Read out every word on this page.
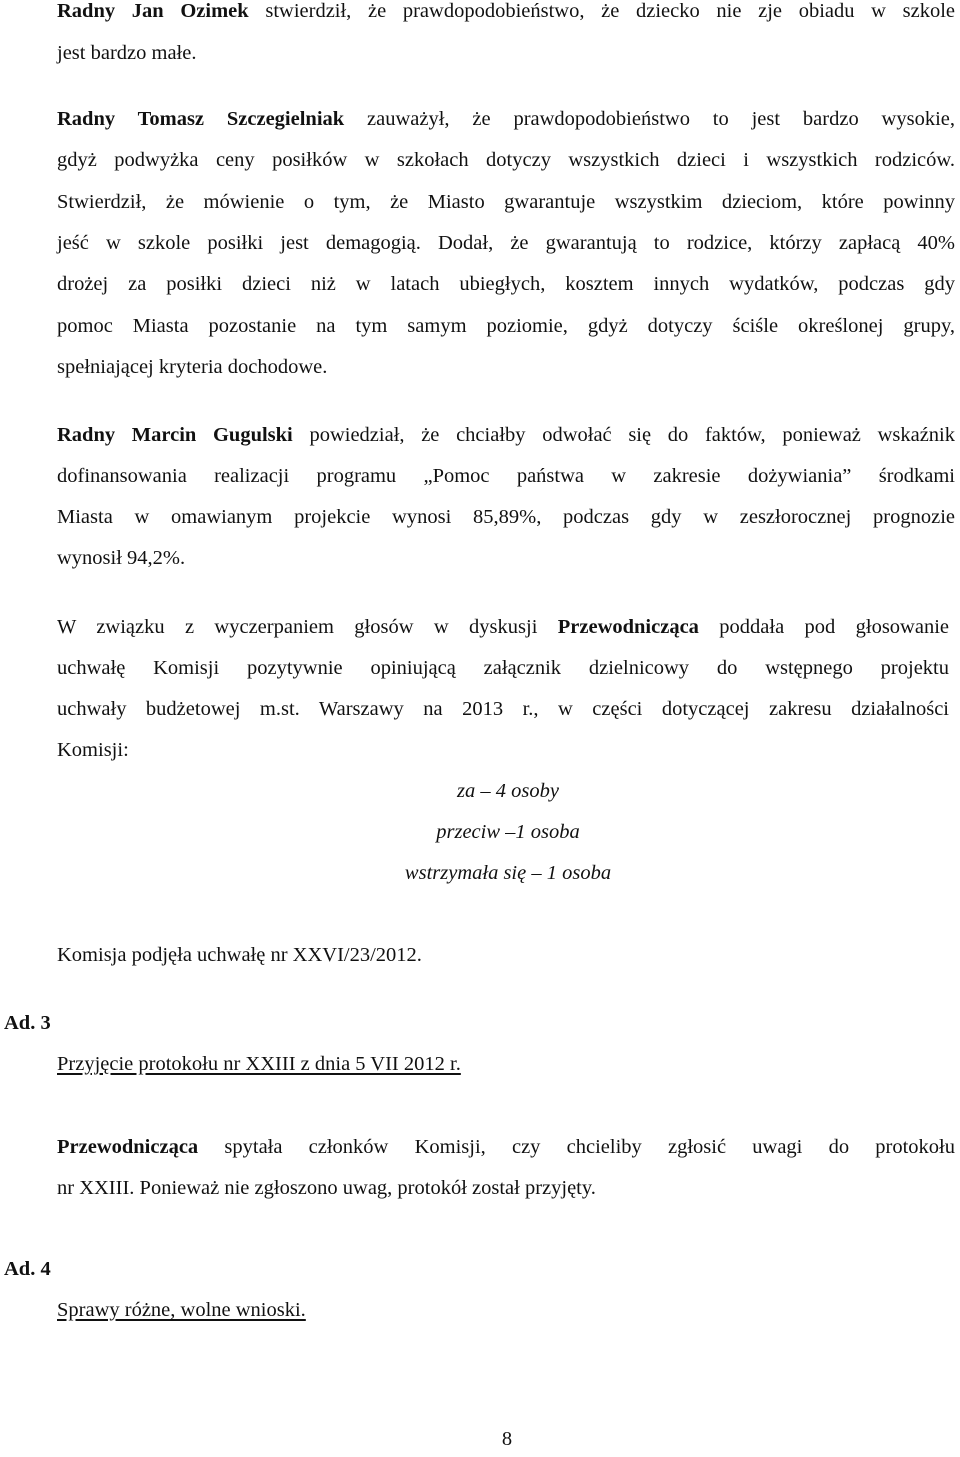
Radny Jan Ozimek stwierdził, że prawdopodobieństwo, że dziecko nie zje obiadu w szkole
jest bardzo małe.
Radny Tomasz Szczegielniak zauważył, że prawdopodobieństwo to jest bardzo wysokie,
gdyż podwyżka ceny posiłków w szkołach dotyczy wszystkich dzieci i wszystkich rodziców.
Stwierdził, że mówienie o tym, że Miasto gwarantuje wszystkim dzieciom, które powinny
jeść w szkole posiłki jest demagogią. Dodał, że gwarantują to rodzice, którzy zapłacą 40%
drożej za posiłki dzieci niż w latach ubiegłych, kosztem innych wydatków, podczas gdy
pomoc Miasta pozostanie na tym samym poziomie, gdyż dotyczy ściśle określonej grupy,
spełniającej kryteria dochodowe.
Radny Marcin Gugulski powiedział, że chciałby odwołać się do faktów, ponieważ wskaźnik
dofinansowania realizacji programu „Pomoc państwa w zakresie dożywiania” środkami
Miasta w omawianym projekcie wynosi 85,89%, podczas gdy w zeszłorocznej prognozie
wynosił 94,2%.
W związku z wyczerpaniem głosów w dyskusji Przewodnicząca poddała pod głosowanie
uchwałę Komisji pozytywnie opiniującą załącznik dzielnicowy do wstępnego projektu
uchwały budżetowej m.st. Warszawy na 2013 r., w części dotyczącej zakresu działalności
Komisji:
za – 4 osoby
przeciw –1 osoba
wstrzymała się – 1 osoba
Komisja podjęła uchwałę nr XXVI/23/2012.
Ad. 3
Przyjęcie protokołu nr XXIII z dnia 5 VII 2012 r.
Przewodnicząca spytała członków Komisji, czy chcieliby zgłosić uwagi do protokołu
nr XXIII. Ponieważ nie zgłoszono uwag, protokół został przyjęty.
Ad. 4
Sprawy różne, wolne wnioski.
8
